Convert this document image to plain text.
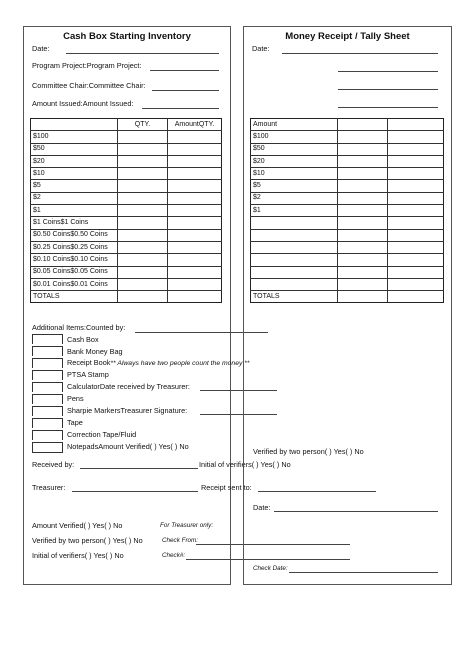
Cash Box Starting Inventory
Date:
Program Project:Program Project:
Committee Chair:Committee Chair:
Amount Issued:Amount Issued:
	QTY.	AmountQTY.
$100		
$50		
$20		
$10		
$5		
$2		
$1		
$1 Coins$1 Coins		
$0.50 Coins$0.50 Coins		
$0.25 Coins$0.25 Coins		
$0.10 Coins$0.10 Coins		
$0.05 Coins$0.05 Coins		
$0.01 Coins$0.01 Coins		
TOTALS		
Additional Items:Counted by:
Cash Box
Bank Money Bag
Receipt Book** Always have two people count the money **
PTSA Stamp
CalculatorDate received by Treasurer:
Pens
Sharpie MarkersTreasurer Signature:
Tape
Correction Tape/Fluid
NotepadsAmount Verified( ) Yes( ) No
Received by:	Initial of verifiers( ) Yes( ) No
Treasurer:	Receipt sent to:
Amount Verified( ) Yes( ) No	For Treasurer only:
Verified by two person( ) Yes( ) No	Check From:
Initial of verifiers( ) Yes( ) No	Check#:
Money Receipt / Tally Sheet
Date:
Amount		
$100		
$50		
$20		
$10		
$5		
$2		
$1		

TOTALS		
Verified by two person( ) Yes( ) No
Date:
Check Date:
